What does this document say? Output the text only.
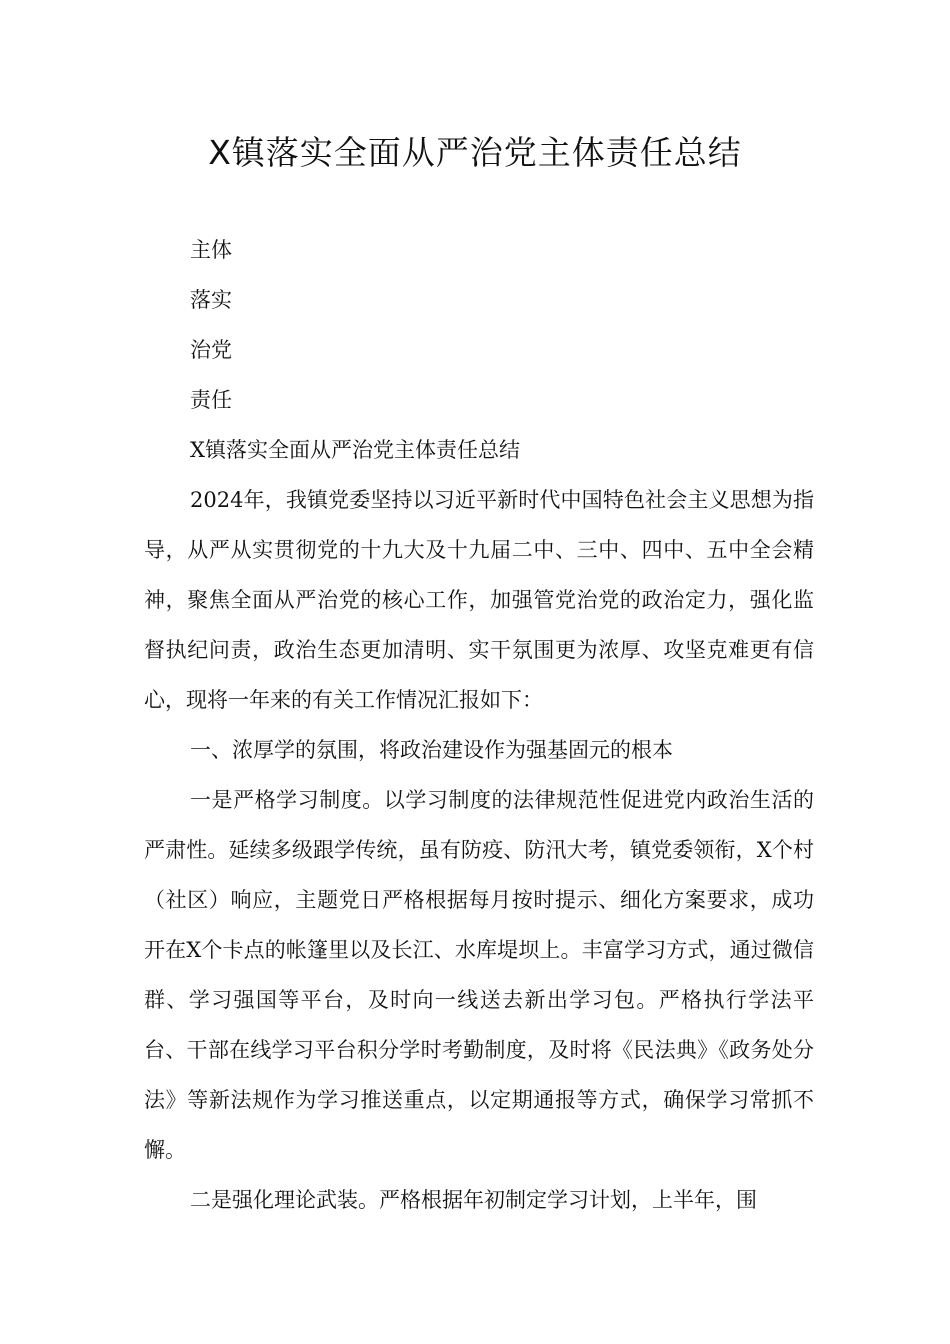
X镇落实全面从严治党主体责任总结

主体

落实

治党

责任

X镇落实全面从严治党主体责任总结

2024年，我镇党委坚持以习近平新时代中国特色社会主义思想为指导，从严从实贯彻党的十九大及十九届二中、三中、四中、五中全会精神，聚焦全面从严治党的核心工作，加强管党治党的政治定力，强化监督执纪问责，政治生态更加清明、实干氛围更为浓厚、攻坚克难更有信心，现将一年来的有关工作情况汇报如下：

一、浓厚学的氛围，将政治建设作为强基固元的根本

一是严格学习制度。以学习制度的法律规范性促进党内政治生活的严肃性。延续多级跟学传统，虽有防疫、防汛大考，镇党委领衔，X个村（社区）响应，主题党日严格根据每月按时提示、细化方案要求，成功开在X个卡点的帐篷里以及长江、水库堤坝上。丰富学习方式，通过微信群、学习强国等平台，及时向一线送去新出学习包。严格执行学法平台、干部在线学习平台积分学时考勤制度，及时将《民法典》《政务处分法》等新法规作为学习推送重点，以定期通报等方式，确保学习常抓不懈。

二是强化理论武装。严格根据年初制定学习计划，上半年，围
